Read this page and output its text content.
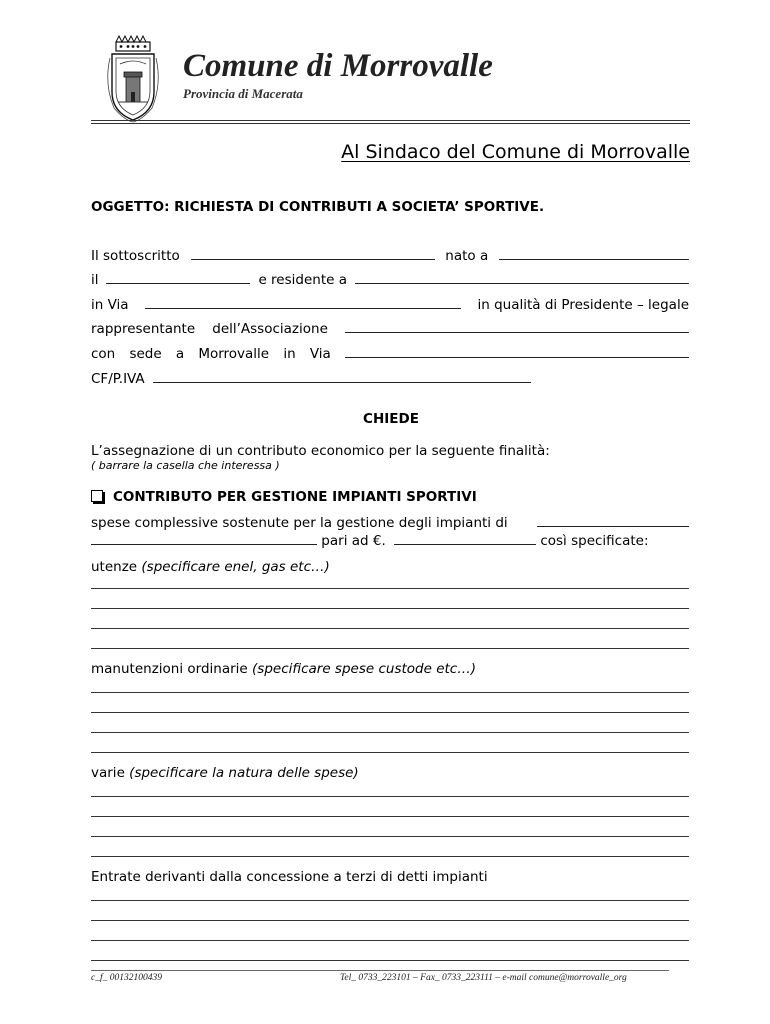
Comune di Morrovalle
Provincia di Macerata
Al Sindaco del Comune di Morrovalle
OGGETTO: RICHIESTA DI CONTRIBUTI A SOCIETA’ SPORTIVE.
Il sottoscritto	nato a
il	e residente a
in Via	in qualità di Presidente – legale
rappresentante dell’Associazione
con sede a Morrovalle in Via
CF/P.IVA
CHIEDE
L’assegnazione di un contributo economico per la seguente finalità:
( barrare la casella che interessa )
CONTRIBUTO PER GESTIONE IMPIANTI SPORTIVI
spese complessive sostenute per la gestione degli impianti di
pari ad €.	così specificate:
utenze (specificare enel, gas etc…)
manutenzioni ordinarie (specificare spese custode etc…)
varie (specificare la natura delle spese)
Entrate derivanti dalla concessione a terzi di detti impianti
c_f_ 00132100439	Tel_ 0733_223101 – Fax_ 0733_223111 – e-mail comune@morrovalle_org
